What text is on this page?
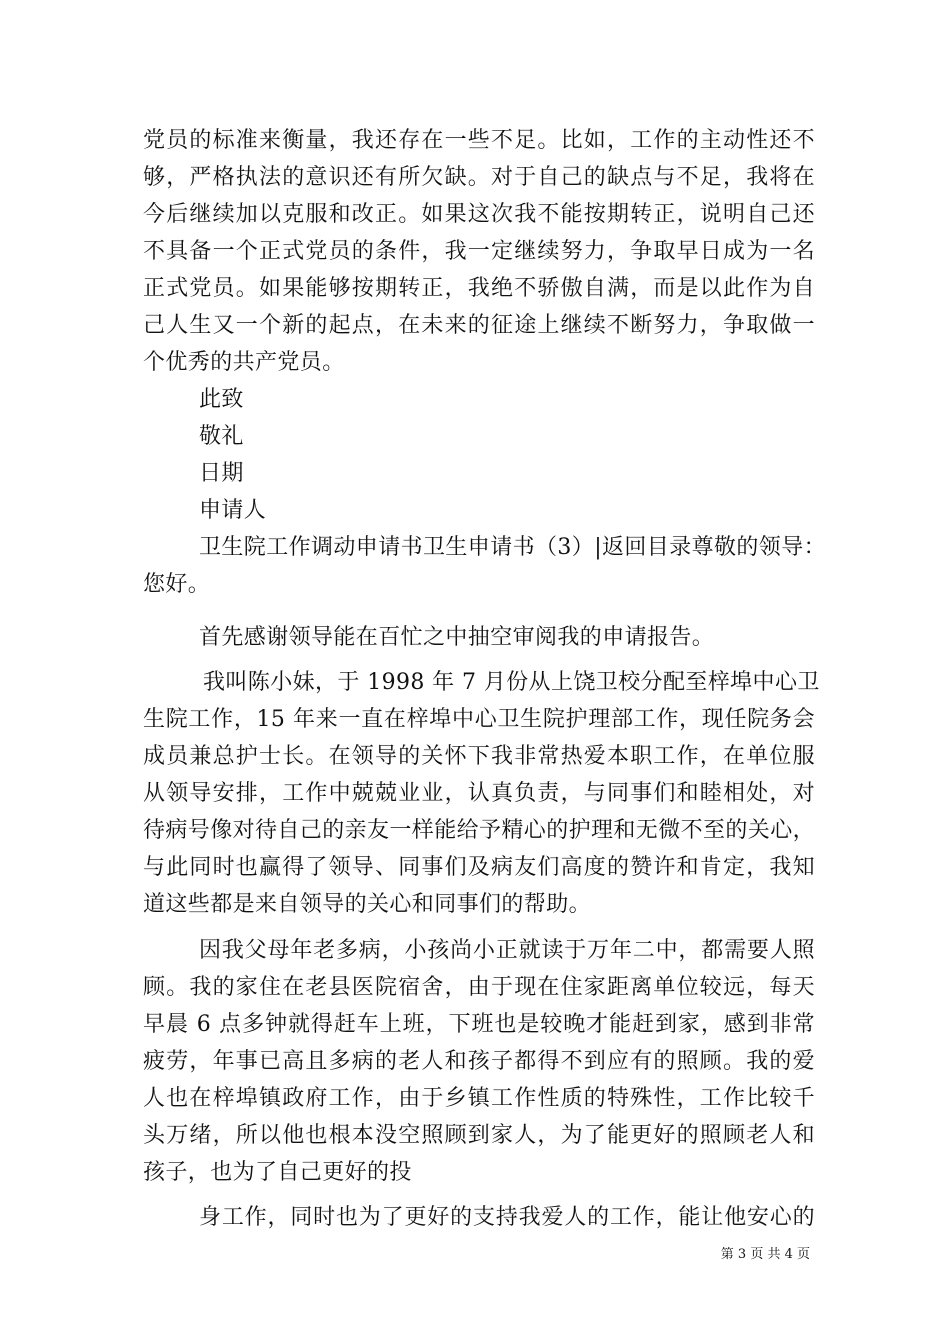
党员的标准来衡量，我还存在一些不足。比如，工作的主动性还不
够，严格执法的意识还有所欠缺。对于自己的缺点与不足，我将在
今后继续加以克服和改正。如果这次我不能按期转正，说明自己还
不具备一个正式党员的条件，我一定继续努力，争取早日成为一名
正式党员。如果能够按期转正，我绝不骄傲自满，而是以此作为自
己人生又一个新的起点，在未来的征途上继续不断努力，争取做一
个优秀的共产党员。
此致
敬礼
日期
申请人
卫生院工作调动申请书卫生申请书（3）|返回目录尊敬的领导：
您好。
首先感谢领导能在百忙之中抽空审阅我的申请报告。
我叫陈小妹，于 1998 年 7 月份从上饶卫校分配至梓埠中心卫
生院工作，15 年来一直在梓埠中心卫生院护理部工作，现任院务会
成员兼总护士长。在领导的关怀下我非常热爱本职工作，在单位服
从领导安排，工作中兢兢业业，认真负责，与同事们和睦相处，对
待病号像对待自己的亲友一样能给予精心的护理和无微不至的关心，
与此同时也赢得了领导、同事们及病友们高度的赞许和肯定，我知
道这些都是来自领导的关心和同事们的帮助。
因我父母年老多病，小孩尚小正就读于万年二中，都需要人照
顾。我的家住在老县医院宿舍，由于现在住家距离单位较远，每天
早晨 6 点多钟就得赶车上班，下班也是较晚才能赶到家，感到非常
疲劳，年事已高且多病的老人和孩子都得不到应有的照顾。我的爱
人也在梓埠镇政府工作，由于乡镇工作性质的特殊性，工作比较千
头万绪，所以他也根本没空照顾到家人，为了能更好的照顾老人和
孩子，也为了自己更好的投
身工作，同时也为了更好的支持我爱人的工作，能让他安心的
第 3 页 共 4 页
